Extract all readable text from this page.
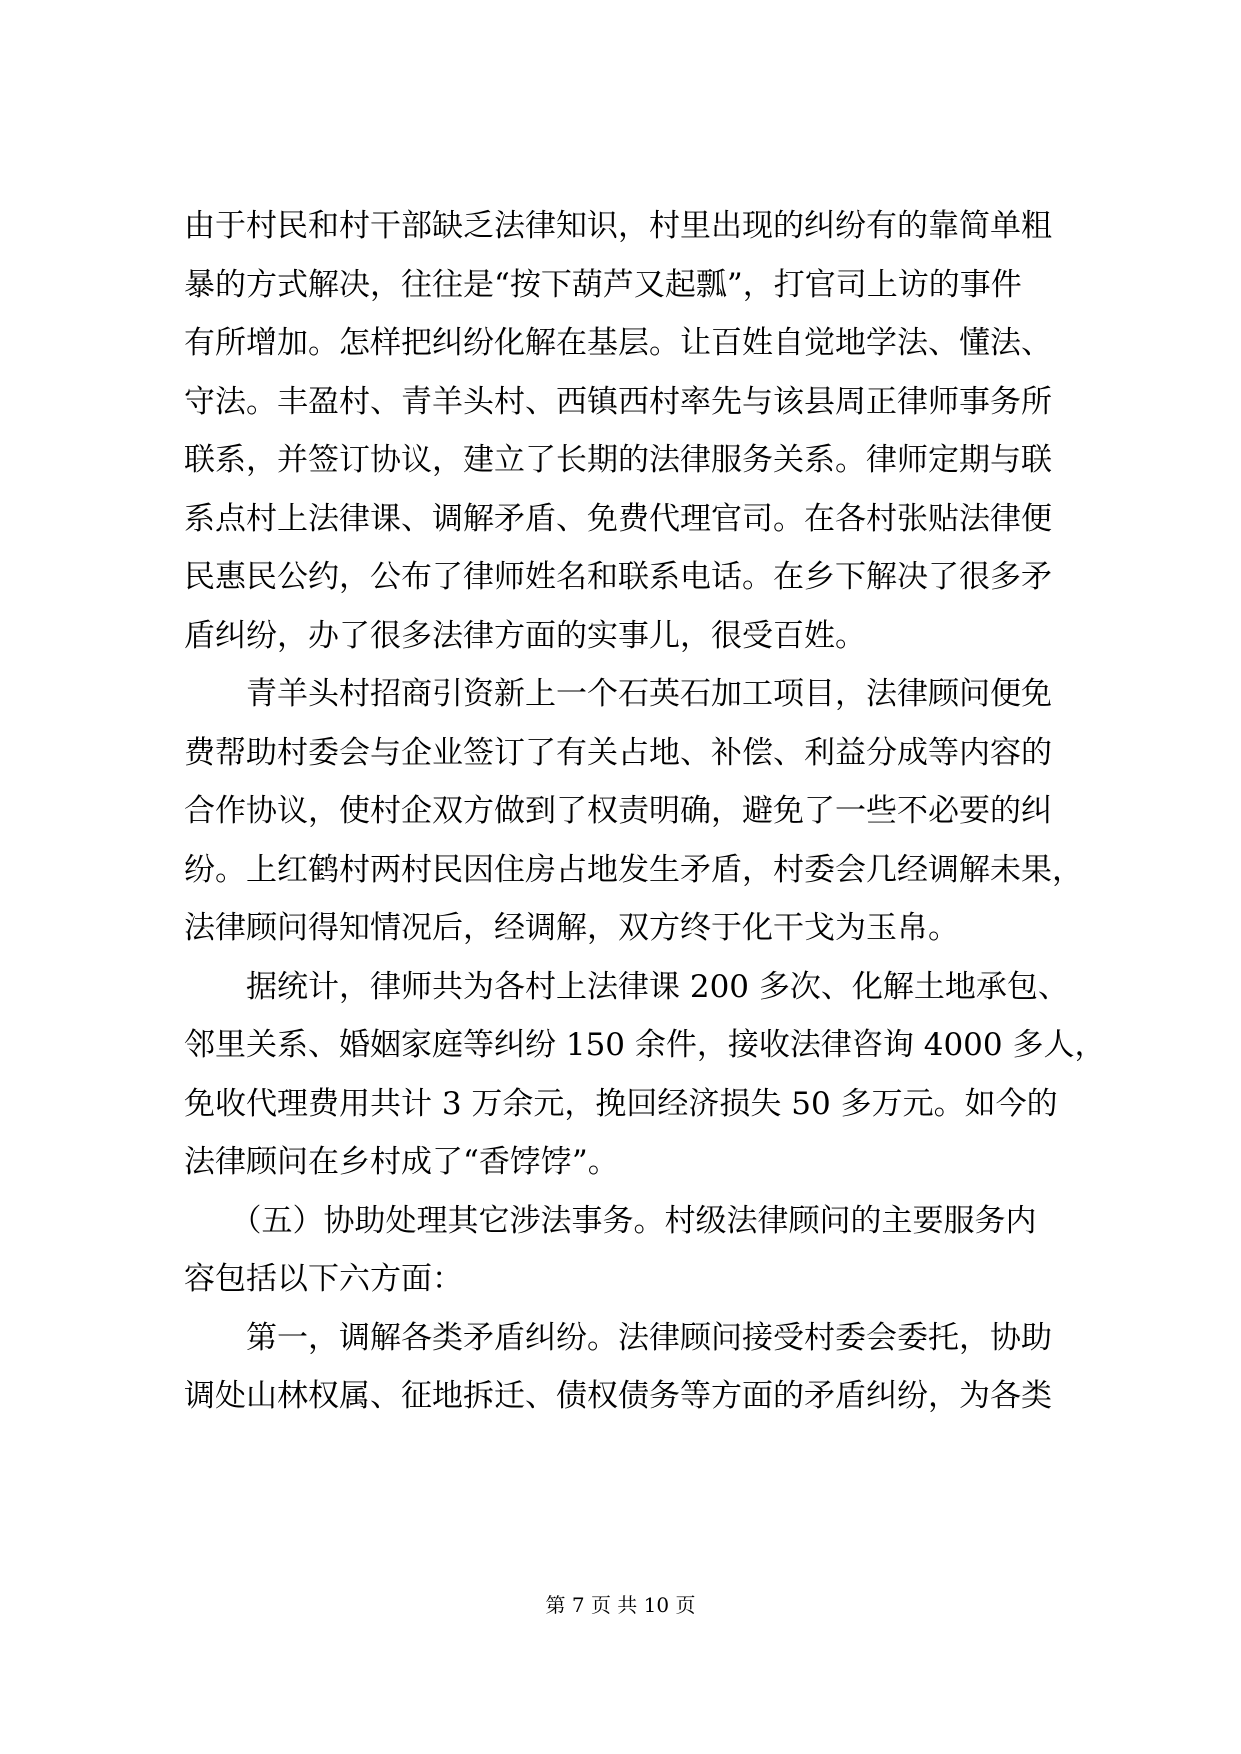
由于村民和村干部缺乏法律知识，村里出现的纠纷有的靠简单粗
暴的方式解决，往往是“按下葫芦又起瓢”，打官司上访的事件
有所增加。怎样把纠纷化解在基层。让百姓自觉地学法、懂法、
守法。丰盈村、青羊头村、西镇西村率先与该县周正律师事务所
联系，并签订协议，建立了长期的法律服务关系。律师定期与联
系点村上法律课、调解矛盾、免费代理官司。在各村张贴法律便
民惠民公约，公布了律师姓名和联系电话。在乡下解决了很多矛
盾纠纷，办了很多法律方面的实事儿，很受百姓。
　　青羊头村招商引资新上一个石英石加工项目，法律顾问便免
费帮助村委会与企业签订了有关占地、补偿、利益分成等内容的
合作协议，使村企双方做到了权责明确，避免了一些不必要的纠
纷。上红鹤村两村民因住房占地发生矛盾，村委会几经调解未果，
法律顾问得知情况后，经调解，双方终于化干戈为玉帛。
　　据统计，律师共为各村上法律课 200 多次、化解土地承包、
邻里关系、婚姻家庭等纠纷 150 余件，接收法律咨询 4000 多人，
免收代理费用共计 3 万余元，挽回经济损失 50 多万元。如今的
法律顾问在乡村成了“香饽饽”。
　　（五）协助处理其它涉法事务。村级法律顾问的主要服务内
容包括以下六方面：
　　第一，调解各类矛盾纠纷。法律顾问接受村委会委托，协助
调处山林权属、征地拆迁、债权债务等方面的矛盾纠纷，为各类
第 7 页 共 10 页
